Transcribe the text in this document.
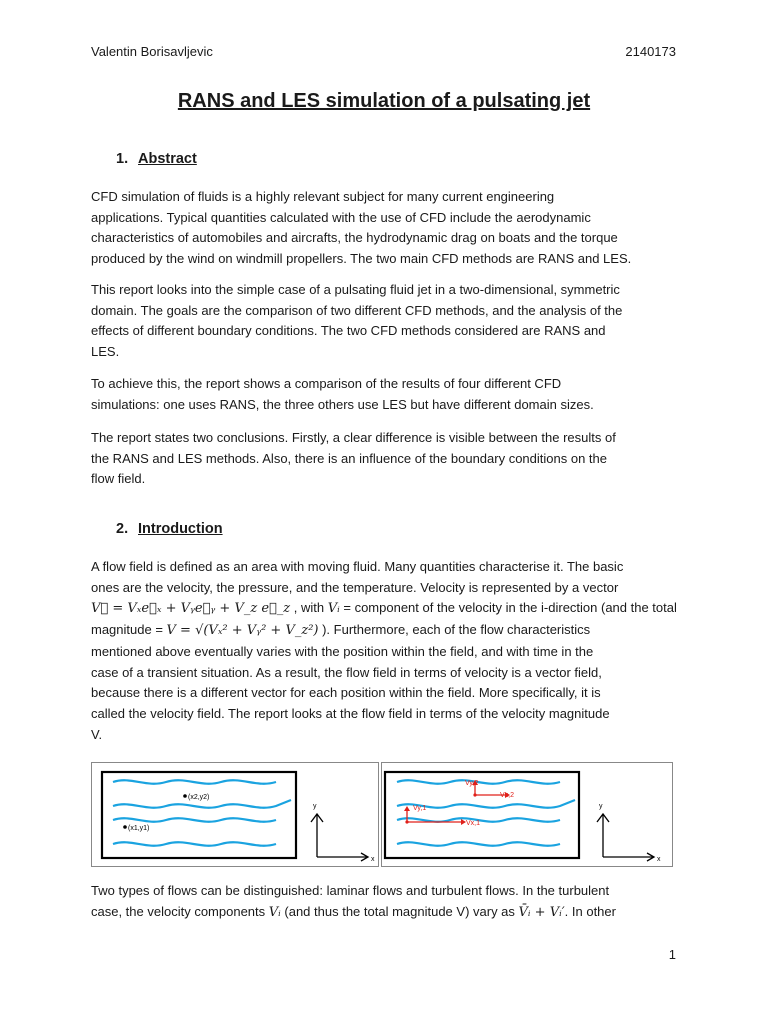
Valentin Borisavljevic	2140173
RANS and LES simulation of a pulsating jet
1. Abstract
CFD simulation of fluids is a highly relevant subject for many current engineering
applications. Typical quantities calculated with the use of CFD include the aerodynamic
characteristics of automobiles and aircrafts, the hydrodynamic drag on boats and the torque
produced by the wind on windmill propellers. The two main CFD methods are RANS and LES.
This report looks into the simple case of a pulsating fluid jet in a two-dimensional, symmetric
domain. The goals are the comparison of two different CFD methods, and the analysis of the
effects of different boundary conditions. The two CFD methods considered are RANS and
LES.
To achieve this, the report shows a comparison of the results of four different CFD
simulations: one uses RANS, the three others use LES but have different domain sizes.
The report states two conclusions. Firstly, a clear difference is visible between the results of
the RANS and LES methods. Also, there is an influence of the boundary conditions on the
flow field.
2. Introduction
A flow field is defined as an area with moving fluid. Many quantities characterise it. The basic
ones are the velocity, the pressure, and the temperature. Velocity is represented by a vector
V⃗ = Vₓe⃗ₓ + Vᵧe⃗ᵧ + V_z e⃗_z , with Vᵢ = component of the velocity in the i-direction (and the total
magnitude = V = √(Vₓ² + Vᵧ² + V_z²) ). Furthermore, each of the flow characteristics
mentioned above eventually varies with the position within the field, and with time in the
case of a transient situation. As a result, the flow field in terms of velocity is a vector field,
because there is a different vector for each position within the field. More specifically, it is
called the velocity field. The report looks at the flow field in terms of the velocity magnitude
V.
(x2,y2)
(x1,y1)
y
x
Vy,2
Vx,2
Vy,1
Vx,1
y
x
Two types of flows can be distinguished: laminar flows and turbulent flows. In the turbulent
case, the velocity components Vᵢ (and thus the total magnitude V) vary as V̄ᵢ + Vᵢ′. In other
1
